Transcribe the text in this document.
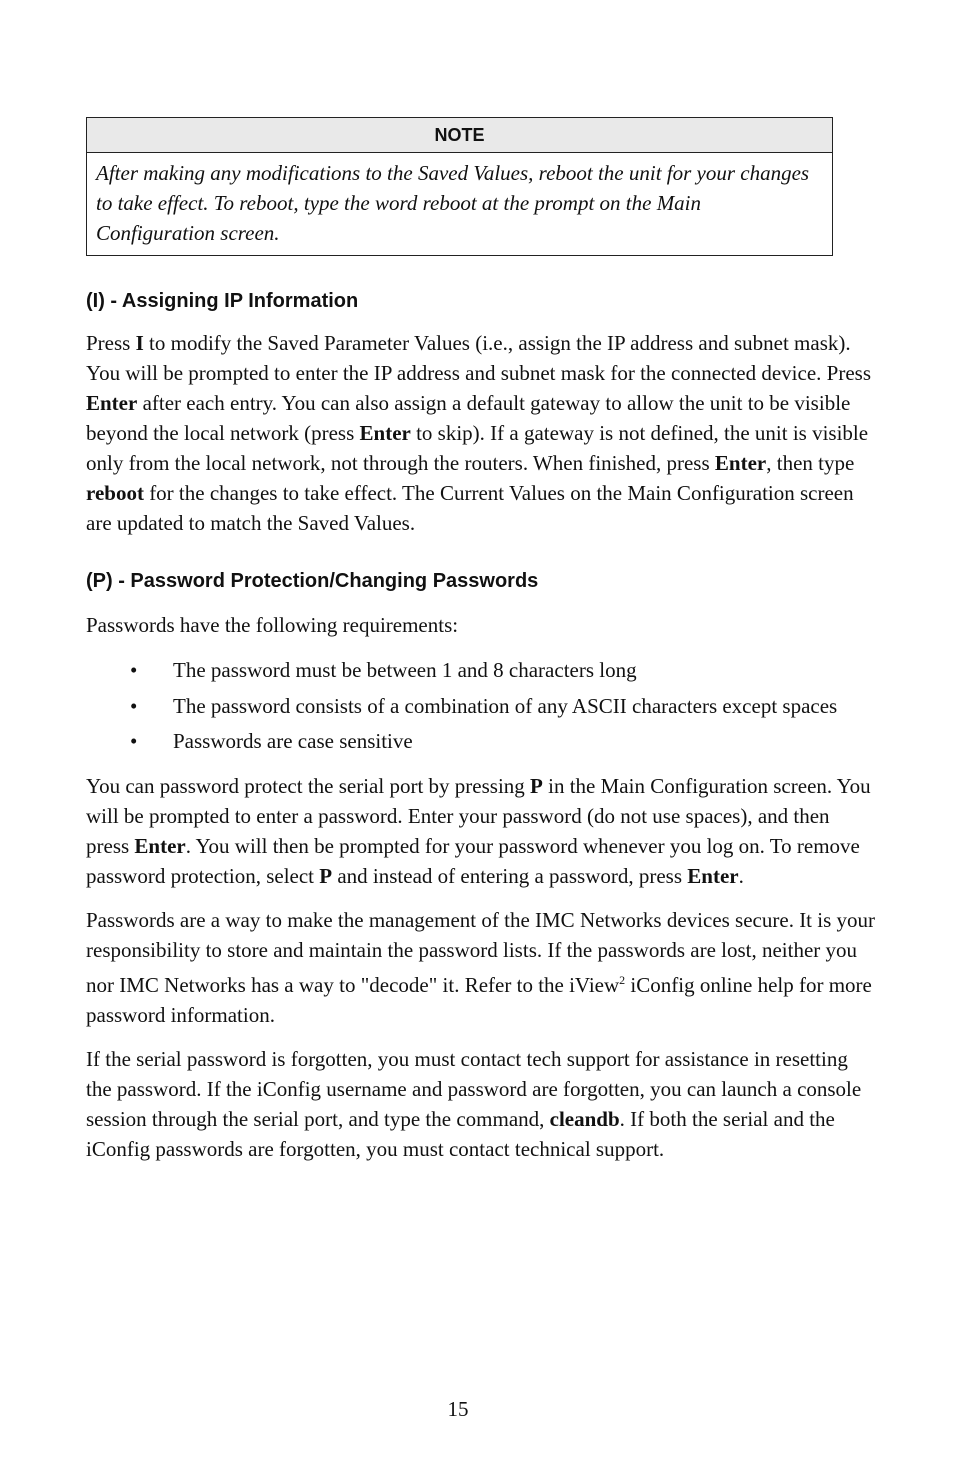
NOTE
After making any modifications to the Saved Values, reboot the unit for your changes to take effect. To reboot, type the word reboot at the prompt on the Main Configuration screen.
(I) - Assigning IP Information

Press I to modify the Saved Parameter Values (i.e., assign the IP address and subnet mask). You will be prompted to enter the IP address and subnet mask for the connected device. Press Enter after each entry. You can also assign a default gateway to allow the unit to be visible beyond the local network (press Enter to skip). If a gateway is not defined, the unit is visible only from the local network, not through the routers. When finished, press Enter, then type reboot for the changes to take effect. The Current Values on the Main Configuration screen are updated to match the Saved Values.

(P) - Password Protection/Changing Passwords

Passwords have the following requirements:

• The password must be between 1 and 8 characters long
• The password consists of a combination of any ASCII characters except spaces
• Passwords are case sensitive

You can password protect the serial port by pressing P in the Main Configuration screen. You will be prompted to enter a password. Enter your password (do not use spaces), and then press Enter. You will then be prompted for your password whenever you log on. To remove password protection, select P and instead of entering a password, press Enter.

Passwords are a way to make the management of the IMC Networks devices secure. It is your responsibility to store and maintain the password lists. If the passwords are lost, neither you nor IMC Networks has a way to "decode" it. Refer to the iView$^2$ iConfig online help for more password information.

If the serial password is forgotten, you must contact tech support for assistance in resetting the password. If the iConfig username and password are forgotten, you can launch a console session through the serial port, and type the command, cleandb. If both the serial and the iConfig passwords are forgotten, you must contact technical support.

15
